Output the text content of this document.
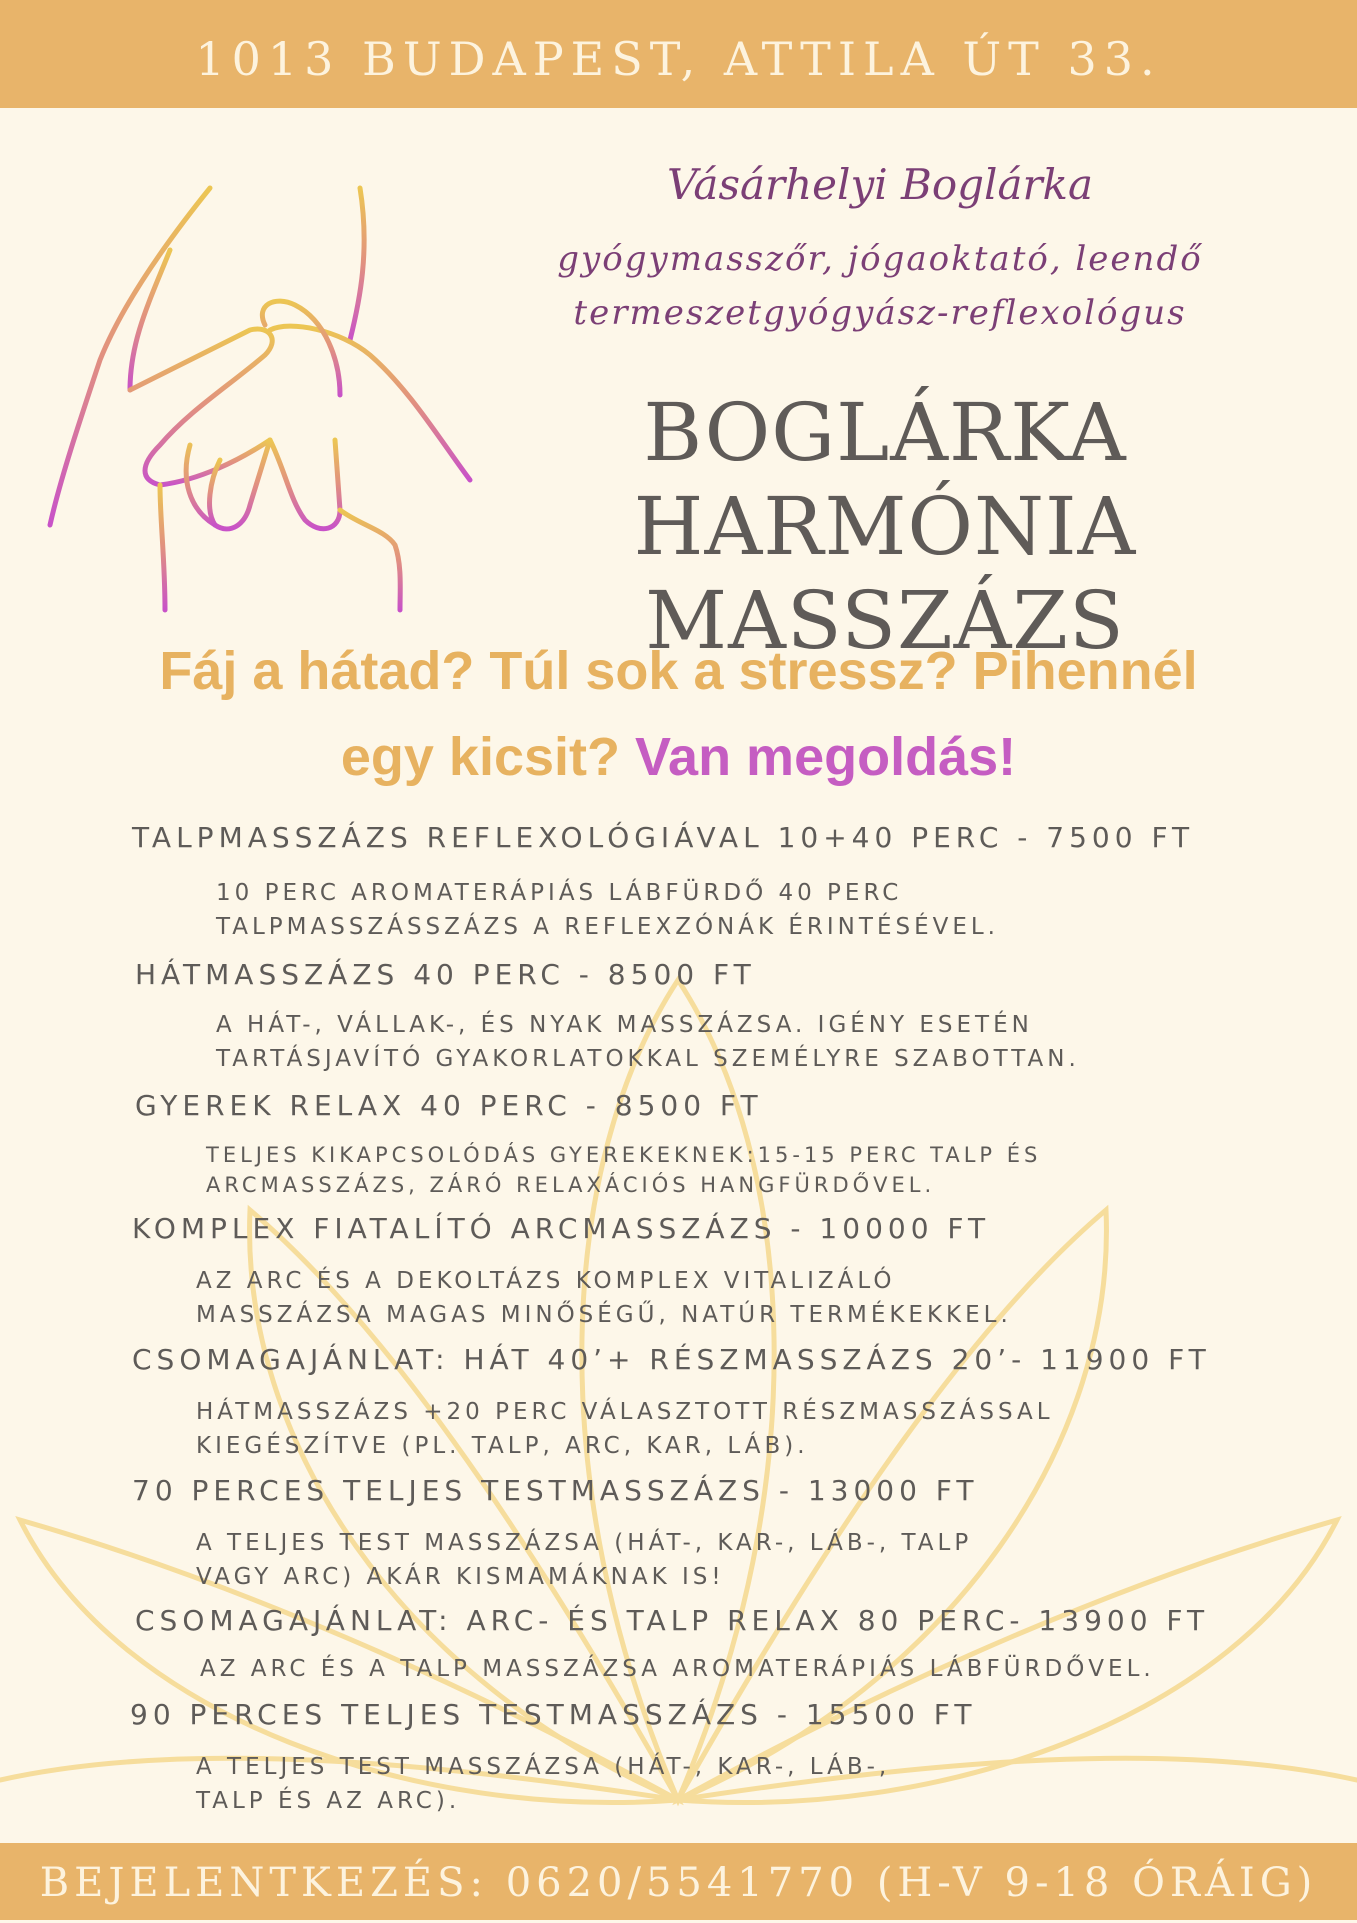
1013 BUDAPEST, ATTILA ÚT 33.
Vásárhelyi Boglárka
gyógymasszőr, jógaoktató, leendő
termeszetgyógyász-reflexológus
BOGLÁRKA
HARMÓNIA MASSZÁZS
Fáj a hátad? Túl sok a stressz? Pihennél
egy kicsit? Van megoldás!
TALPMASSZÁZS REFLEXOLÓGIÁVAL 10+40 PERC - 7500 FT
10 PERC AROMATERÁPIÁS LÁBFÜRDŐ 40 PERC
TALPMASSZÁSSZÁZS A REFLEXZÓNÁK ÉRINTÉSÉVEL.
HÁTMASSZÁZS 40 PERC - 8500 FT
A HÁT-, VÁLLAK-, ÉS NYAK MASSZÁZSA. IGÉNY ESETÉN
TARTÁSJAVÍTÓ GYAKORLATOKKAL SZEMÉLYRE SZABOTTAN.
GYEREK RELAX 40 PERC - 8500 FT
TELJES KIKAPCSOLÓDÁS GYEREKEKNEK:15-15 PERC TALP ÉS
ARCMASSZÁZS, ZÁRÓ RELAXÁCIÓS HANGFÜRDŐVEL.
KOMPLEX FIATALÍTÓ ARCMASSZÁZS - 10000 FT
AZ ARC ÉS A DEKOLTÁZS KOMPLEX VITALIZÁLÓ
MASSZÁZSA MAGAS MINŐSÉGŰ, NATÚR TERMÉKEKKEL.
CSOMAGAJÁNLAT: HÁT 40’+ RÉSZMASSZÁZS 20’- 11900 FT
HÁTMASSZÁZS +20 PERC VÁLASZTOTT RÉSZMASSZÁSSAL
KIEGÉSZÍTVE (PL. TALP, ARC, KAR, LÁB).
70 PERCES TELJES TESTMASSZÁZS - 13000 FT
A TELJES TEST MASSZÁZSA (HÁT-, KAR-, LÁB-, TALP
VAGY ARC) AKÁR KISMAMÁKNAK IS!
CSOMAGAJÁNLAT: ARC- ÉS TALP RELAX 80 PERC- 13900 FT
AZ ARC ÉS A TALP MASSZÁZSA AROMATERÁPIÁS LÁBFÜRDŐVEL.
90 PERCES TELJES TESTMASSZÁZS - 15500 FT
A TELJES TEST MASSZÁZSA (HÁT-, KAR-, LÁB-,
TALP ÉS AZ ARC).
BEJELENTKEZÉS: 0620/5541770 (H-V 9-18 ÓRÁIG)
